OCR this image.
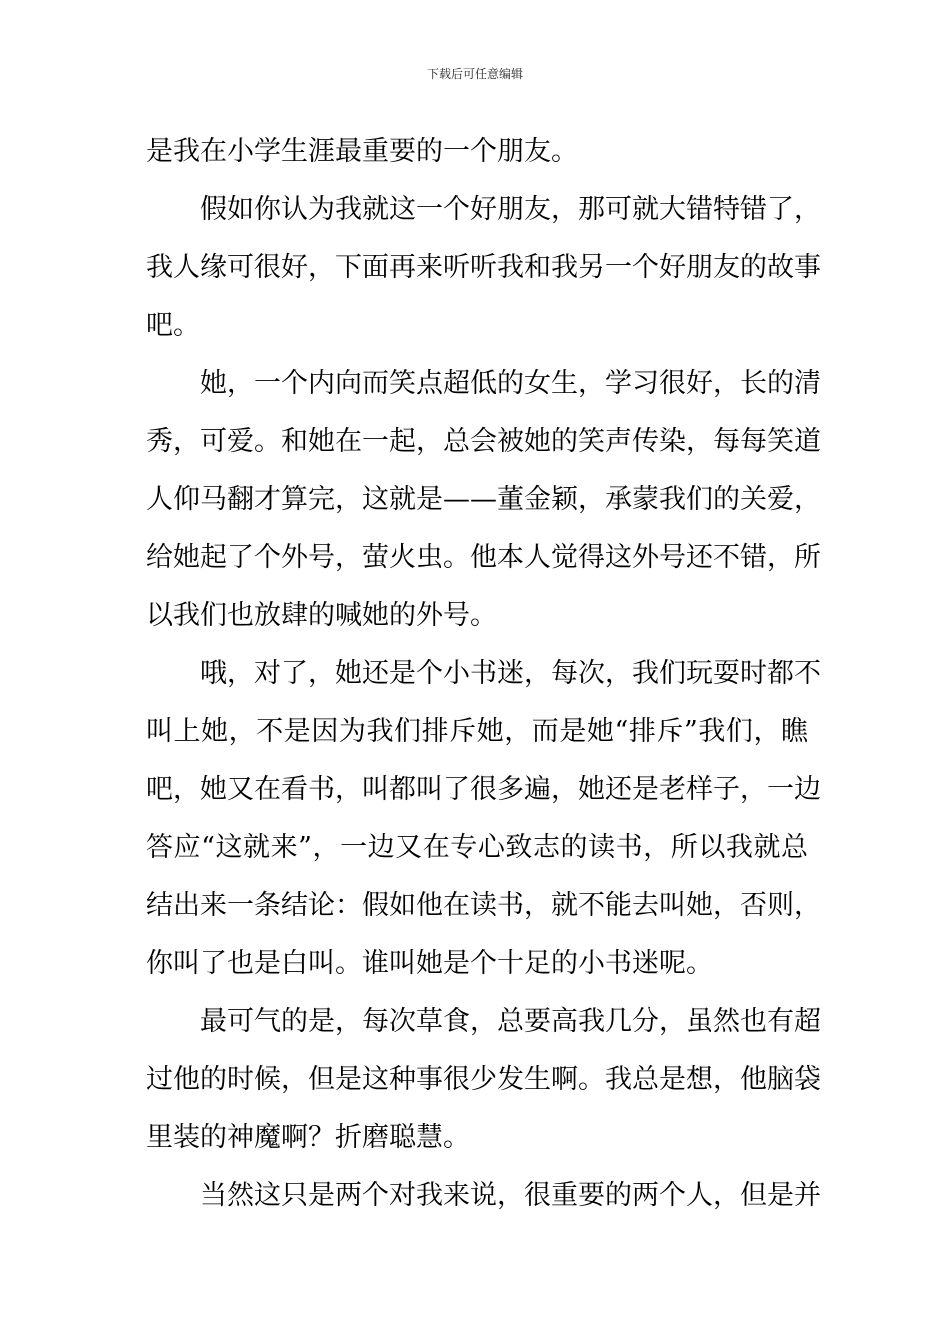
下载后可任意编辑
是我在小学生涯最重要的一个朋友。
假如你认为我就这一个好朋友，那可就大错特错了，
我人缘可很好，下面再来听听我和我另一个好朋友的故事
吧。
她，一个内向而笑点超低的女生，学习很好，长的清
秀，可爱。和她在一起，总会被她的笑声传染，每每笑道
人仰马翻才算完，这就是——董金颖，承蒙我们的关爱，
给她起了个外号，萤火虫。他本人觉得这外号还不错，所
以我们也放肆的喊她的外号。
哦，对了，她还是个小书迷，每次，我们玩耍时都不
叫上她，不是因为我们排斥她，而是她“排斥”我们，瞧
吧，她又在看书，叫都叫了很多遍，她还是老样子，一边
答应“这就来”，一边又在专心致志的读书，所以我就总
结出来一条结论：假如他在读书，就不能去叫她，否则，
你叫了也是白叫。谁叫她是个十足的小书迷呢。
最可气的是，每次草食，总要高我几分，虽然也有超
过他的时候，但是这种事很少发生啊。我总是想，他脑袋
里装的神魔啊？折磨聪慧。
当然这只是两个对我来说，很重要的两个人，但是并
